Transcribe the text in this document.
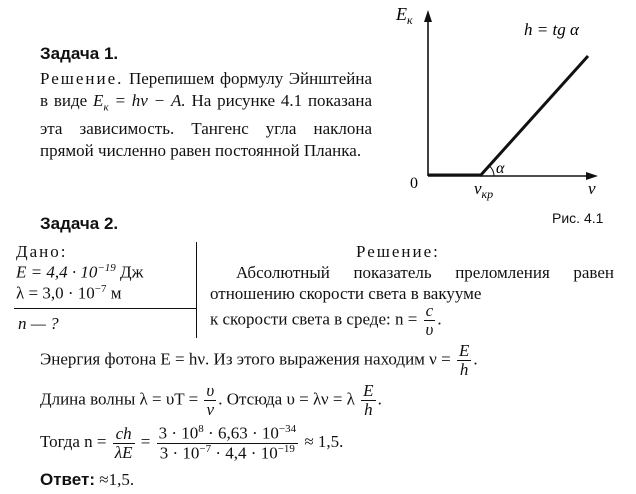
Задача 1.
Решение. Перепишем формулу Эйнштейна в виде $E_к = h\nu - A$. На рисунке 4.1 показана эта зависимость. Тангенс угла наклона прямой численно равен постоянной Планка.
$E_к$	h = tg α
α
0	$\nu_{кр}$	ν
Рис. 4.1
Задача 2.
Дано:
$E = 4,4 \cdot 10^{-19}$ Дж
$\lambda = 3,0 \cdot 10^{-7}$ м
n — ?
Решение:
Абсолютный показатель преломления равен отношению скорости света в вакууме
к скорости света в среде: $n = \frac{c}{\upsilon}$ .
Энергия фотона E = hν. Из этого выражения находим $\nu = \frac{E}{h}$ .
Длина волны $\lambda = \upsilon T = \frac{\upsilon}{\nu}$ . Отсюда υ = λν = λ $\frac{E}{h}$ .
Тогда $n = \frac{ch}{\lambda E} = \frac{3 \cdot 10^8 \cdot 6,63 \cdot 10^{-34}}{3 \cdot 10^{-7} \cdot 4,4 \cdot 10^{-19}} \approx 1,5$.
Ответ: ≈1,5.
